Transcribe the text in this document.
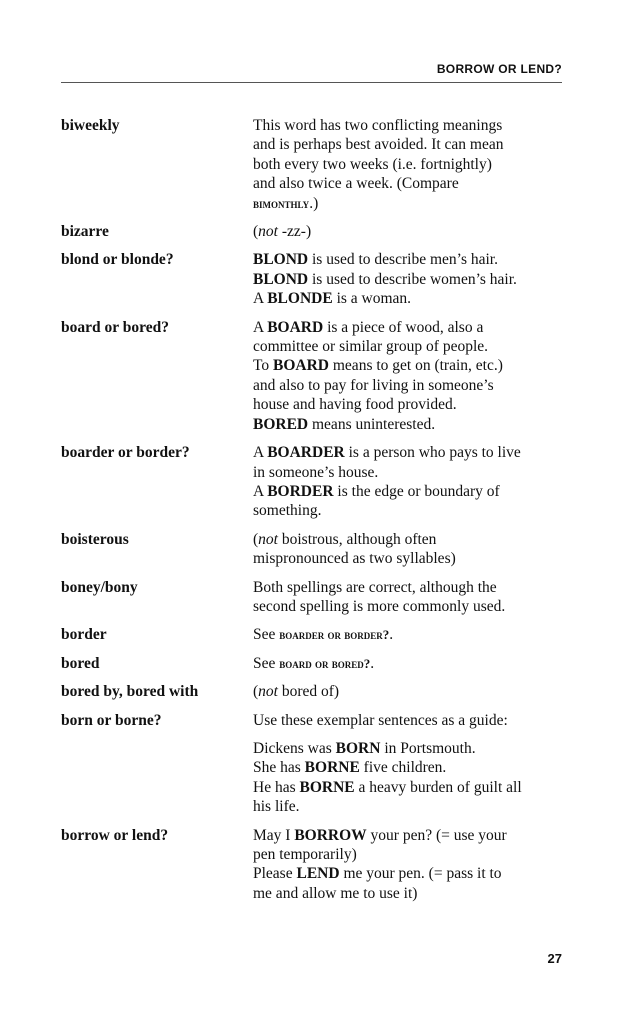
BORROW OR LEND?
biweekly	This word has two conflicting meanings
and is perhaps best avoided. It can mean
both every two weeks (i.e. fortnightly)
and also twice a week. (Compare
bimonthly.)
bizarre	(not -zz-)
blond or blonde?	BLOND is used to describe men’s hair.
BLOND is used to describe women’s hair.
A BLONDE is a woman.
board or bored?	A BOARD is a piece of wood, also a
committee or similar group of people.
To BOARD means to get on (train, etc.)
and also to pay for living in someone’s
house and having food provided.
BORED means uninterested.
boarder or border?	A BOARDER is a person who pays to live
in someone’s house.
A BORDER is the edge or boundary of
something.
boisterous	(not boistrous, although often
mispronounced as two syllables)
boney/bony	Both spellings are correct, although the
second spelling is more commonly used.
border	See boarder or border?.
bored	See board or bored?.
bored by, bored with	(not bored of)
born or borne?	Use these exemplar sentences as a guide:
Dickens was BORN in Portsmouth.
She has BORNE five children.
He has BORNE a heavy burden of guilt all
his life.
borrow or lend?	May I BORROW your pen? (= use your
pen temporarily)
Please LEND me your pen. (= pass it to
me and allow me to use it)
27
